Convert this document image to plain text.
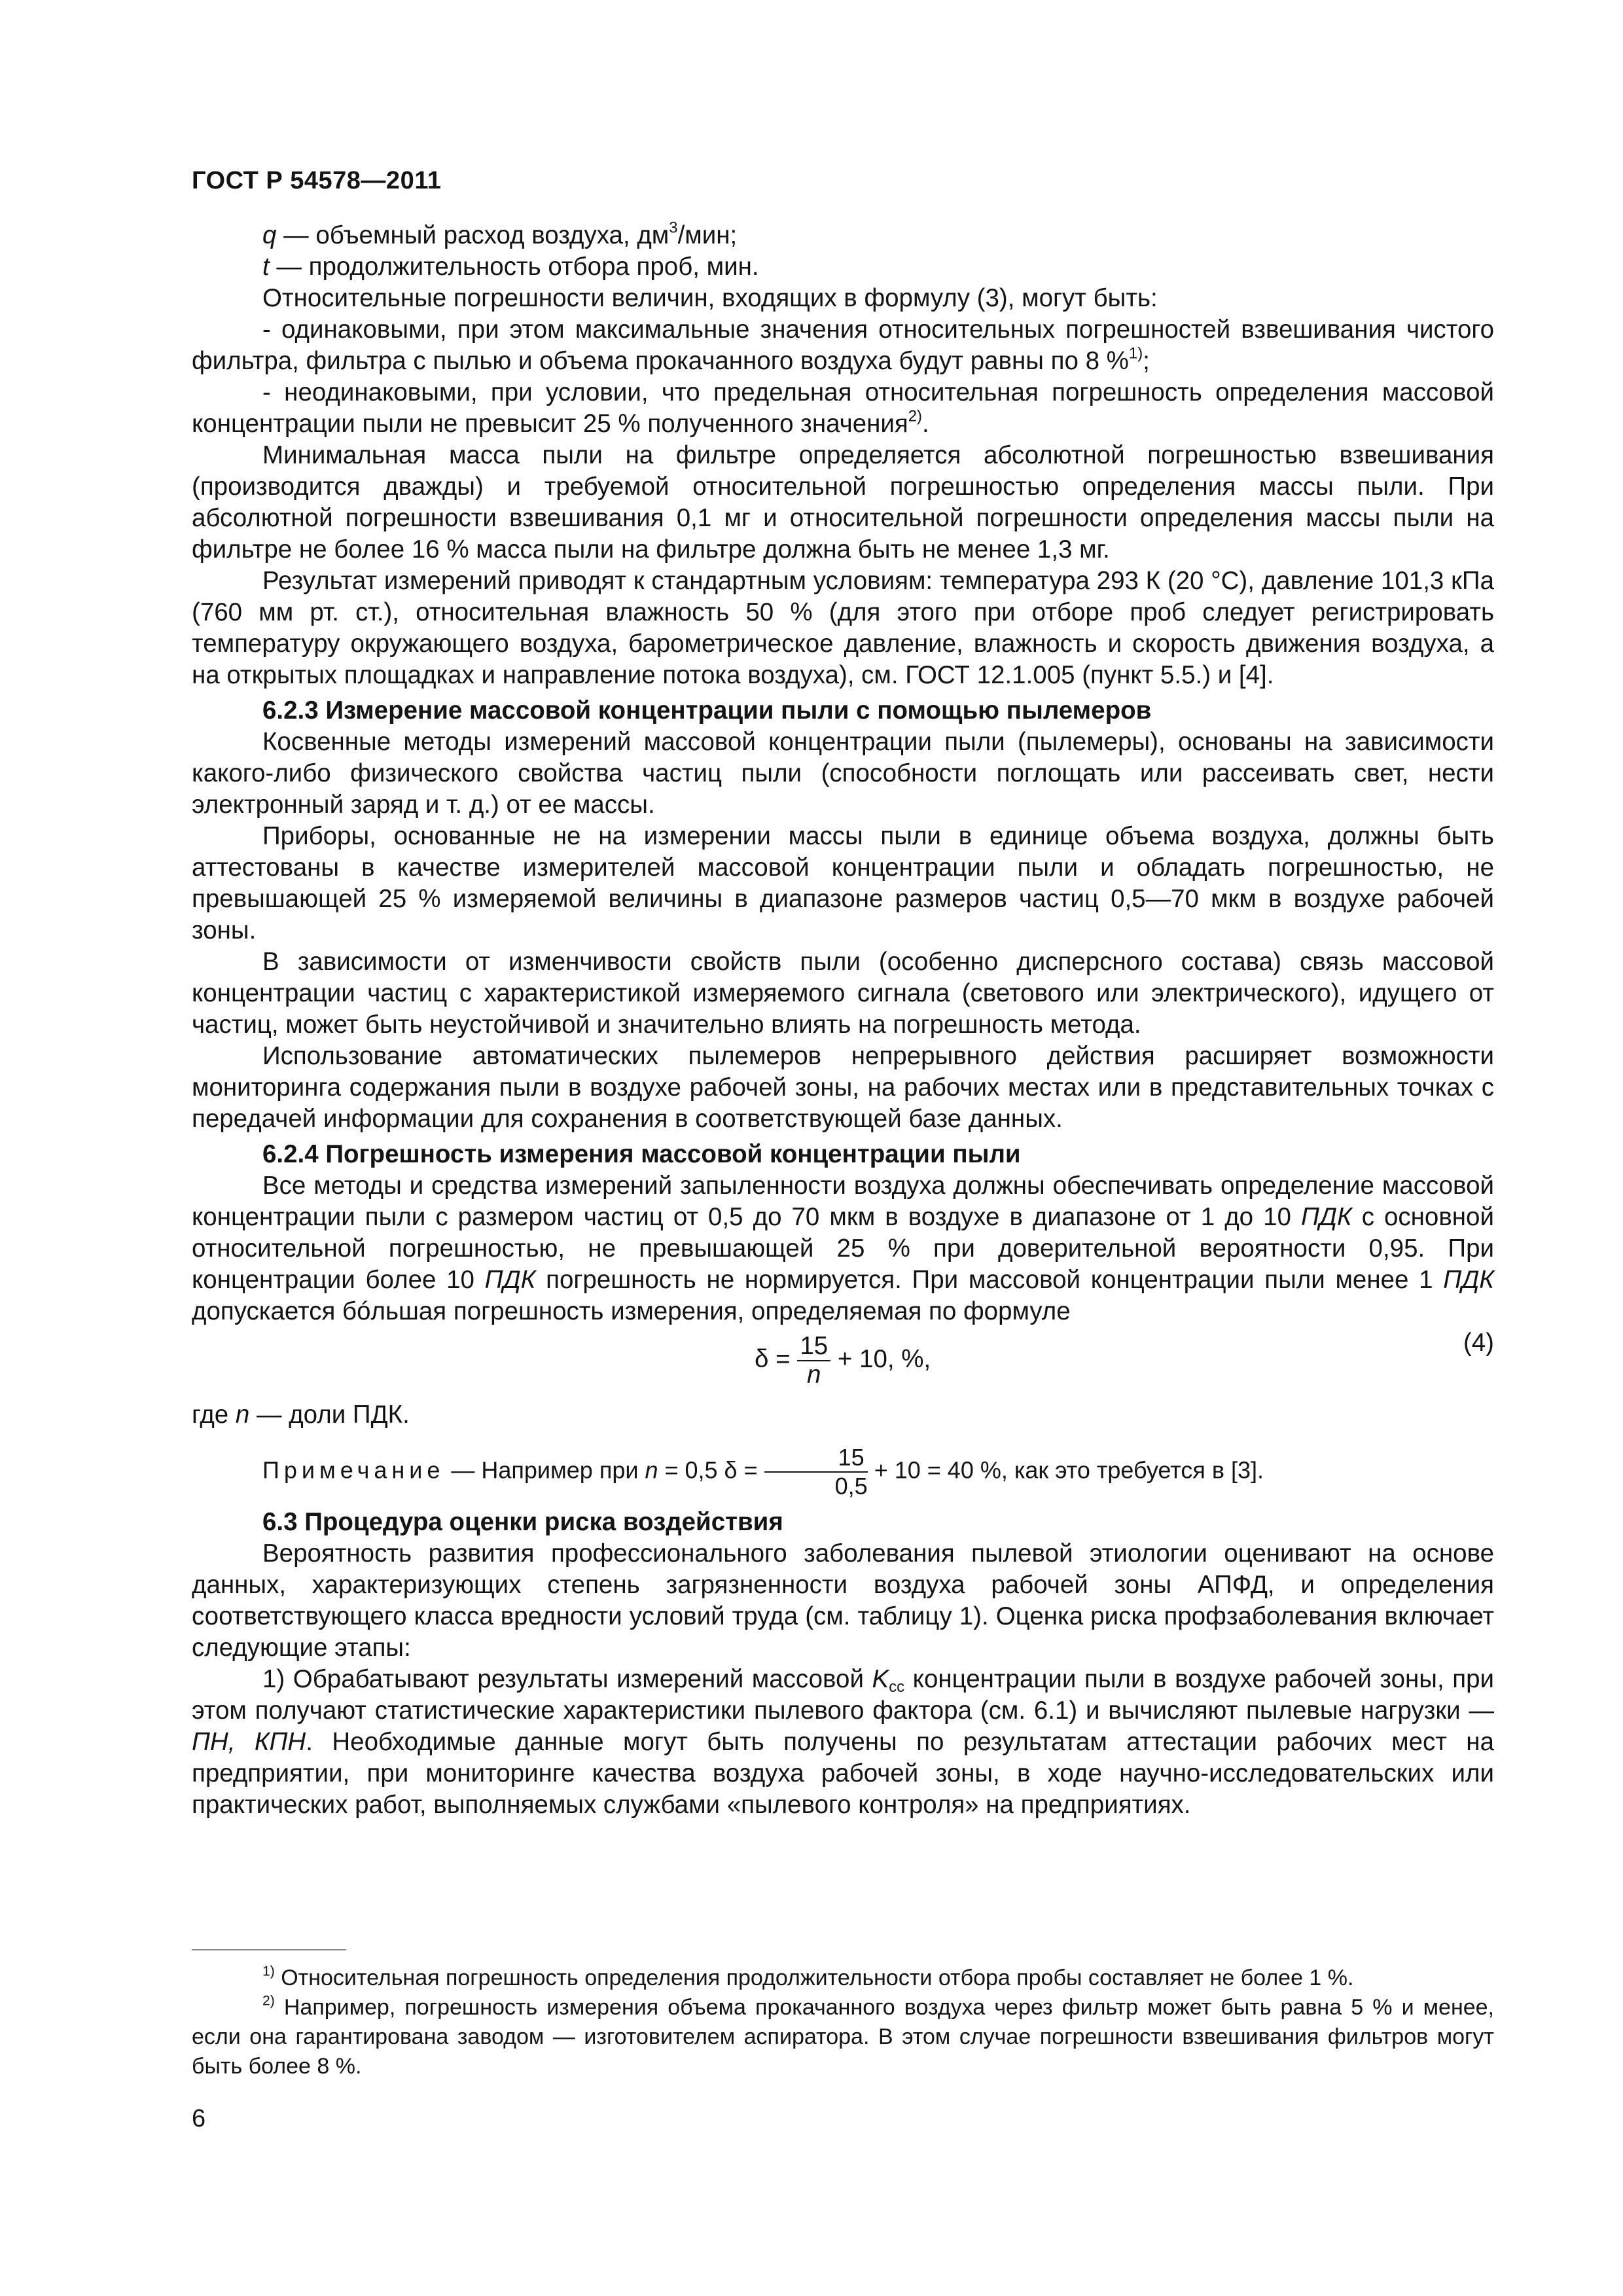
ГОСТ Р 54578—2011

q — объемный расход воздуха, $дм^3$/мин;

t — продолжительность отбора проб, мин.

Относительные погрешности величин, входящих в формулу (3), могут быть:

- одинаковыми, при этом максимальные значения относительных погрешностей взвешивания чистого фильтра, фильтра с пылью и объема прокачанного воздуха будут равны по 8 %$^{1)}$;

- неодинаковыми, при условии, что предельная относительная погрешность определения массовой концентрации пыли не превысит 25 % полученного значения$^{2)}$.

Минимальная масса пыли на фильтре определяется абсолютной погрешностью взвешивания (производится дважды) и требуемой относительной погрешностью определения массы пыли. При абсолютной погрешности взвешивания 0,1 мг и относительной погрешности определения массы пыли на фильтре не более 16 % масса пыли на фильтре должна быть не менее 1,3 мг.

Результат измерений приводят к стандартным условиям: температура 293 К (20 °С), давление 101,3 кПа (760 мм рт. ст.), относительная влажность 50 % (для этого при отборе проб следует регистрировать температуру окружающего воздуха, барометрическое давление, влажность и скорость движения воздуха, а на открытых площадках и направление потока воздуха), см. ГОСТ 12.1.005 (пункт 5.5.) и [4].

6.2.3 Измерение массовой концентрации пыли с помощью пылемеров

Косвенные методы измерений массовой концентрации пыли (пылемеры), основаны на зависимости какого-либо физического свойства частиц пыли (способности поглощать или рассеивать свет, нести электронный заряд и т. д.) от ее массы.

Приборы, основанные не на измерении массы пыли в единице объема воздуха, должны быть аттестованы в качестве измерителей массовой концентрации пыли и обладать погрешностью, не превышающей 25 % измеряемой величины в диапазоне размеров частиц 0,5—70 мкм в воздухе рабочей зоны.

В зависимости от изменчивости свойств пыли (особенно дисперсного состава) связь массовой концентрации частиц с характеристикой измеряемого сигнала (светового или электрического), идущего от частиц, может быть неустойчивой и значительно влиять на погрешность метода.

Использование автоматических пылемеров непрерывного действия расширяет возможности мониторинга содержания пыли в воздухе рабочей зоны, на рабочих местах или в представительных точках с передачей информации для сохранения в соответствующей базе данных.

6.2.4 Погрешность измерения массовой концентрации пыли

Все методы и средства измерений запыленности воздуха должны обеспечивать определение массовой концентрации пыли с размером частиц от 0,5 до 70 мкм в воздухе в диапазоне от 1 до 10 ПДК с основной относительной погрешностью, не превышающей 25 % при доверительной вероятности 0,95. При концентрации более 10 ПДК погрешность не нормируется. При массовой концентрации пыли менее 1 ПДК допускается бóльшая погрешность измерения, определяемая по формуле

$\delta = \frac{15}{n} + 10$, %,
(4)

где n — доли ПДК.

Примечание — Например при n = 0,5 $\delta = \frac{15}{0,5} + 10 = 40$ %, как это требуется в [3].

6.3 Процедура оценки риска воздействия

Вероятность развития профессионального заболевания пылевой этиологии оценивают на основе данных, характеризующих степень загрязненности воздуха рабочей зоны АПФД, и определения соответствующего класса вредности условий труда (см. таблицу 1). Оценка риска профзаболевания включает следующие этапы:

1) Обрабатывают результаты измерений массовой $K_{сс}$ концентрации пыли в воздухе рабочей зоны, при этом получают статистические характеристики пылевого фактора (см. 6.1) и вычисляют пылевые нагрузки — ПН, КПН. Необходимые данные могут быть получены по результатам аттестации рабочих мест на предприятии, при мониторинге качества воздуха рабочей зоны, в ходе научно-исследовательских или практических работ, выполняемых службами «пылевого контроля» на предприятиях.

$^{1)}$ Относительная погрешность определения продолжительности отбора пробы составляет не более 1 %.

$^{2)}$ Например, погрешность измерения объема прокачанного воздуха через фильтр может быть равна 5 % и менее, если она гарантирована заводом — изготовителем аспиратора. В этом случае погрешности взвешивания фильтров могут быть более 8 %.

6
